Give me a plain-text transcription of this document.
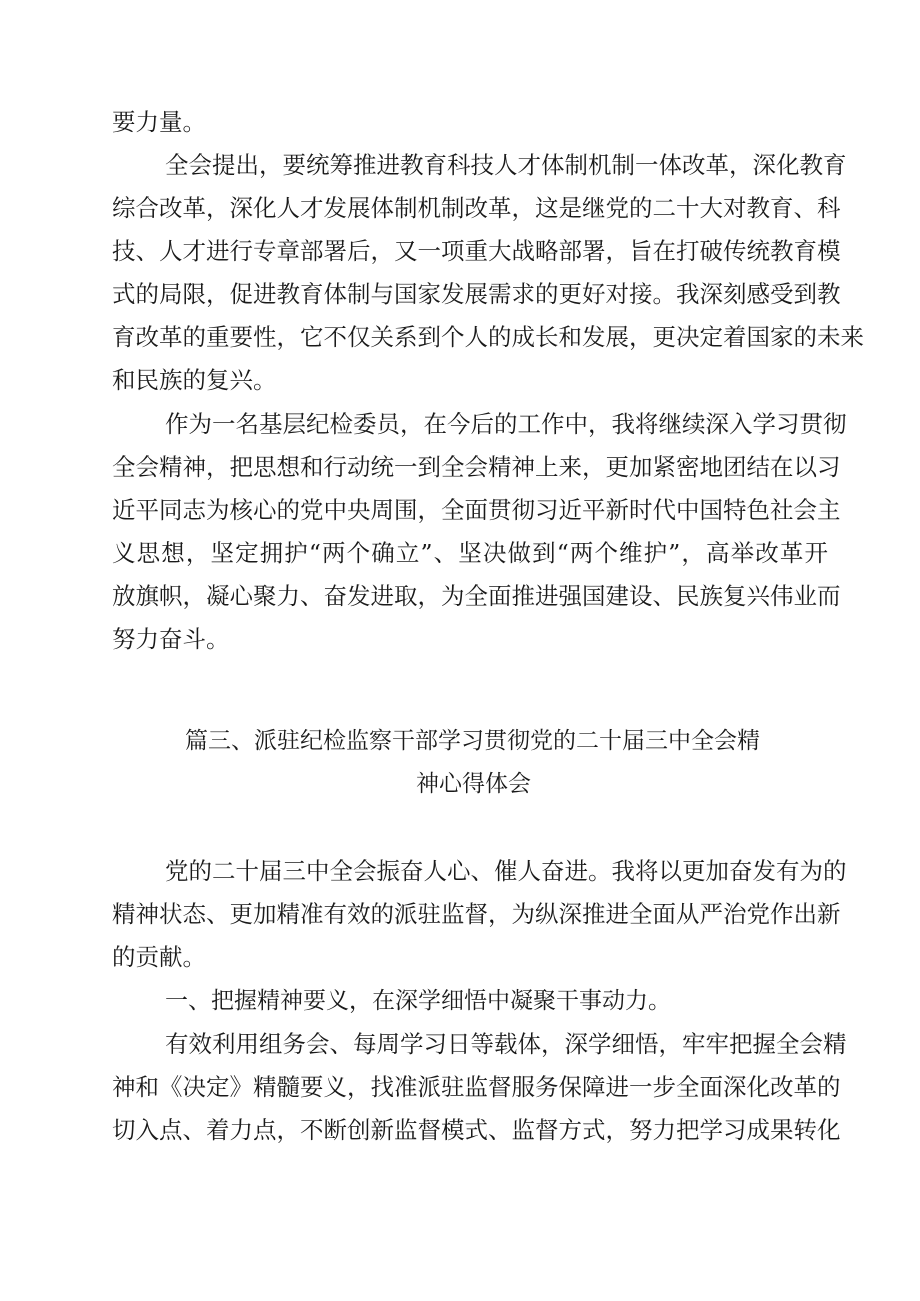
要力量。
全会提出，要统筹推进教育科技人才体制机制一体改革，深化教育
综合改革，深化人才发展体制机制改革，这是继党的二十大对教育、科
技、人才进行专章部署后，又一项重大战略部署，旨在打破传统教育模
式的局限，促进教育体制与国家发展需求的更好对接。我深刻感受到教
育改革的重要性，它不仅关系到个人的成长和发展，更决定着国家的未来
和民族的复兴。
作为一名基层纪检委员，在今后的工作中，我将继续深入学习贯彻
全会精神，把思想和行动统一到全会精神上来，更加紧密地团结在以习
近平同志为核心的党中央周围，全面贯彻习近平新时代中国特色社会主
义思想，坚定拥护“两个确立”、坚决做到“两个维护”，高举改革开
放旗帜，凝心聚力、奋发进取，为全面推进强国建设、民族复兴伟业而
努力奋斗。
篇三、派驻纪检监察干部学习贯彻党的二十届三中全会精
神心得体会
党的二十届三中全会振奋人心、催人奋进。我将以更加奋发有为的
精神状态、更加精准有效的派驻监督，为纵深推进全面从严治党作出新
的贡献。
一、把握精神要义，在深学细悟中凝聚干事动力。
有效利用组务会、每周学习日等载体，深学细悟，牢牢把握全会精
神和《决定》精髓要义，找准派驻监督服务保障进一步全面深化改革的
切入点、着力点，不断创新监督模式、监督方式，努力把学习成果转化
